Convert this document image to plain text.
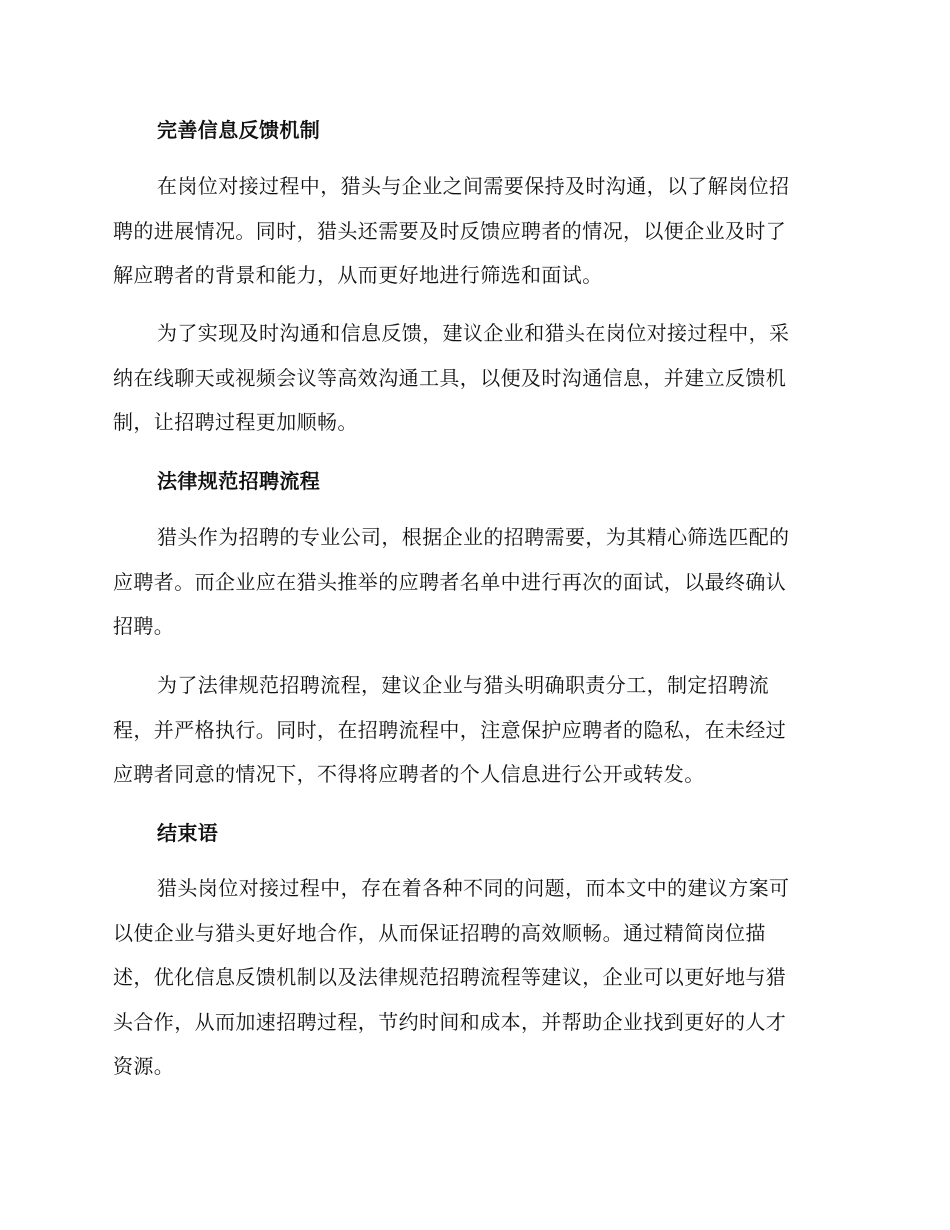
完善信息反馈机制
在岗位对接过程中，猎头与企业之间需要保持及时沟通，以了解岗位招
聘的进展情况。同时，猎头还需要及时反馈应聘者的情况，以便企业及时了
解应聘者的背景和能力，从而更好地进行筛选和面试。
为了实现及时沟通和信息反馈，建议企业和猎头在岗位对接过程中，采
纳在线聊天或视频会议等高效沟通工具，以便及时沟通信息，并建立反馈机
制，让招聘过程更加顺畅。
法律规范招聘流程
猎头作为招聘的专业公司，根据企业的招聘需要，为其精心筛选匹配的
应聘者。而企业应在猎头推举的应聘者名单中进行再次的面试，以最终确认
招聘。
为了法律规范招聘流程，建议企业与猎头明确职责分工，制定招聘流
程，并严格执行。同时，在招聘流程中，注意保护应聘者的隐私，在未经过
应聘者同意的情况下，不得将应聘者的个人信息进行公开或转发。
结束语
猎头岗位对接过程中，存在着各种不同的问题，而本文中的建议方案可
以使企业与猎头更好地合作，从而保证招聘的高效顺畅。通过精简岗位描
述，优化信息反馈机制以及法律规范招聘流程等建议，企业可以更好地与猎
头合作，从而加速招聘过程，节约时间和成本，并帮助企业找到更好的人才
资源。
